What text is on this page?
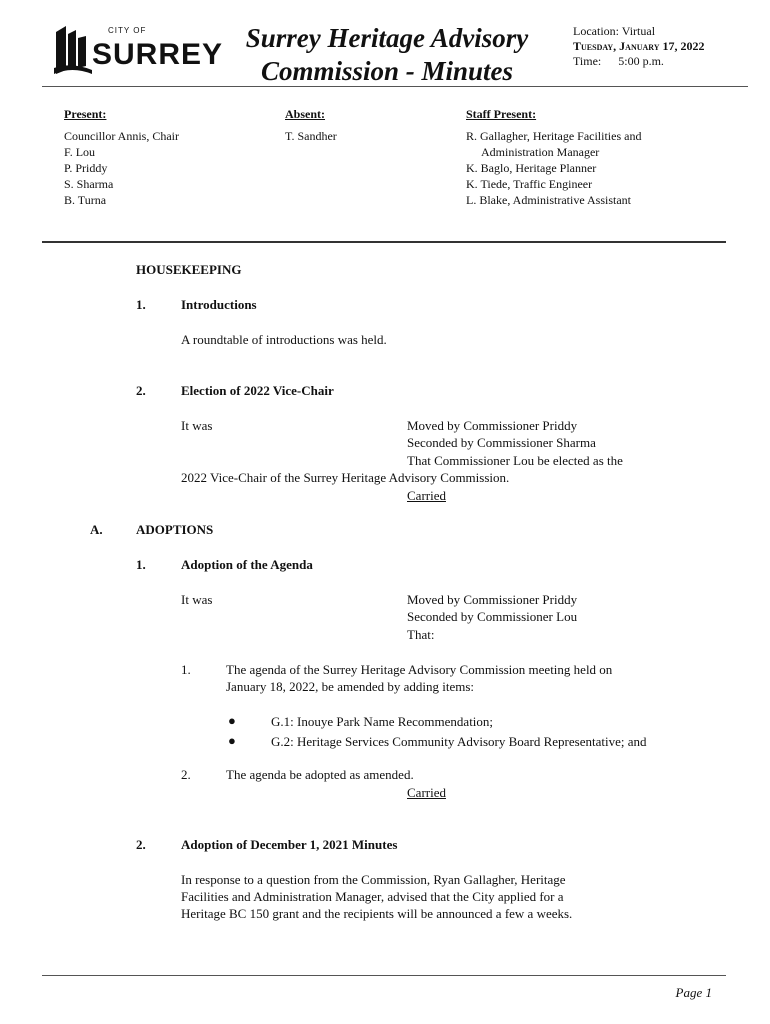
CITY OF
SURREY Surrey Heritage Advisory
Commission - Minutes
Location: Virtual
Tuesday, January 17, 2022
Time: 5:00 p.m.
Present:
Councillor Annis, Chair
F. Lou
P. Priddy
S. Sharma
B. Turna
Absent:
T. Sandher
Staff Present:
R. Gallagher, Heritage Facilities and
Administration Manager
K. Baglo, Heritage Planner
K. Tiede, Traffic Engineer
L. Blake, Administrative Assistant
HOUSEKEEPING
1.	Introductions
A roundtable of introductions was held.
2.	Election of 2022 Vice-Chair
It was	Moved by Commissioner Priddy
Seconded by Commissioner Sharma
That Commissioner Lou be elected as the
2022 Vice-Chair of the Surrey Heritage Advisory Commission.
Carried
A.	ADOPTIONS
1.	Adoption of the Agenda
It was	Moved by Commissioner Priddy
Seconded by Commissioner Lou
That:
1.	The agenda of the Surrey Heritage Advisory Commission meeting held on
January 18, 2022, be amended by adding items:
●	G.1: Inouye Park Name Recommendation;
●	G.2: Heritage Services Community Advisory Board Representative; and
2.	The agenda be adopted as amended.
Carried
2.	Adoption of December 1, 2021 Minutes
In response to a question from the Commission, Ryan Gallagher, Heritage
Facilities and Administration Manager, advised that the City applied for a
Heritage BC 150 grant and the recipients will be announced a few a weeks.
Page 1
